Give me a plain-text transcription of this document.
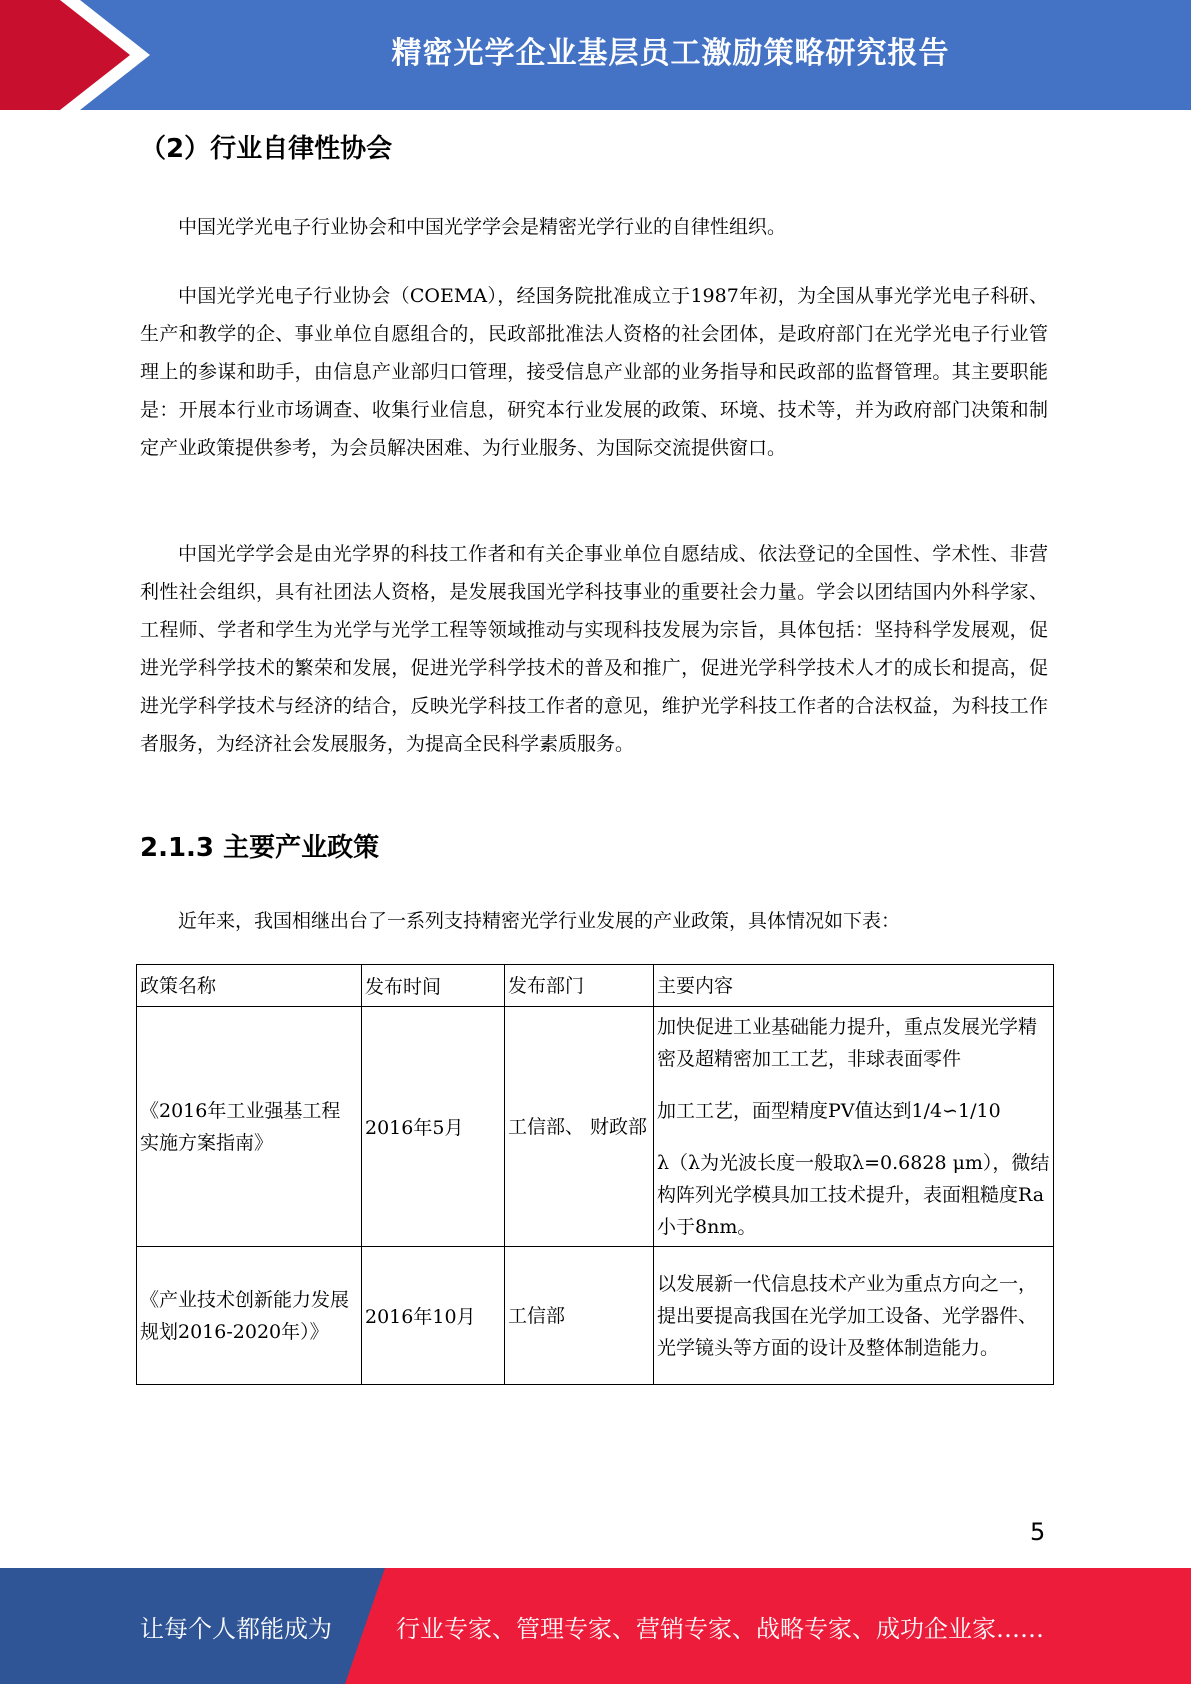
精密光学企业基层员工激励策略研究报告
（2）行业自律性协会

中国光学光电子行业协会和中国光学学会是精密光学行业的自律性组织。

中国光学光电子行业协会（COEMA），经国务院批准成立于1987年初，为全国从事光学光电子科研、生产和教学的企、事业单位自愿组合的，民政部批准法人资格的社会团体，是政府部门在光学光电子行业管理上的参谋和助手，由信息产业部归口管理，接受信息产业部的业务指导和民政部的监督管理。其主要职能是：开展本行业市场调查、收集行业信息，研究本行业发展的政策、环境、技术等，并为政府部门决策和制定产业政策提供参考，为会员解决困难、为行业服务、为国际交流提供窗口。

中国光学学会是由光学界的科技工作者和有关企事业单位自愿结成、依法登记的全国性、学术性、非营利性社会组织，具有社团法人资格，是发展我国光学科技事业的重要社会力量。学会以团结国内外科学家、工程师、学者和学生为光学与光学工程等领域推动与实现科技发展为宗旨，具体包括：坚持科学发展观，促进光学科学技术的繁荣和发展，促进光学科学技术的普及和推广，促进光学科学技术人才的成长和提高，促进光学科学技术与经济的结合，反映光学科技工作者的意见，维护光学科技工作者的合法权益，为科技工作者服务，为经济社会发展服务，为提高全民科学素质服务。

2.1.3 主要产业政策

近年来，我国相继出台了一系列支持精密光学行业发展的产业政策，具体情况如下表：

政策名称	发布时间	发布部门	主要内容
《2016年工业强基工程实施方案指南》	2016年5月	工信部、 财政部	加快促进工业基础能力提升，重点发展光学精密及超精密加工工艺，非球表面零件

加工工艺，面型精度PV值达到1/4∽1/10

λ（λ为光波长度一般取λ=0.6828 μm），微结构阵列光学模具加工技术提升，表面粗糙度Ra小于8nm。

《产业技术创新能力发展规划2016-2020年）》	2016年10月	工信部	以发展新一代信息技术产业为重点方向之一，提出要提高我国在光学加工设备、光学器件、光学镜头等方面的设计及整体制造能力。
5
让每个人都能成为	行业专家、管理专家、营销专家、战略专家、成功企业家……
